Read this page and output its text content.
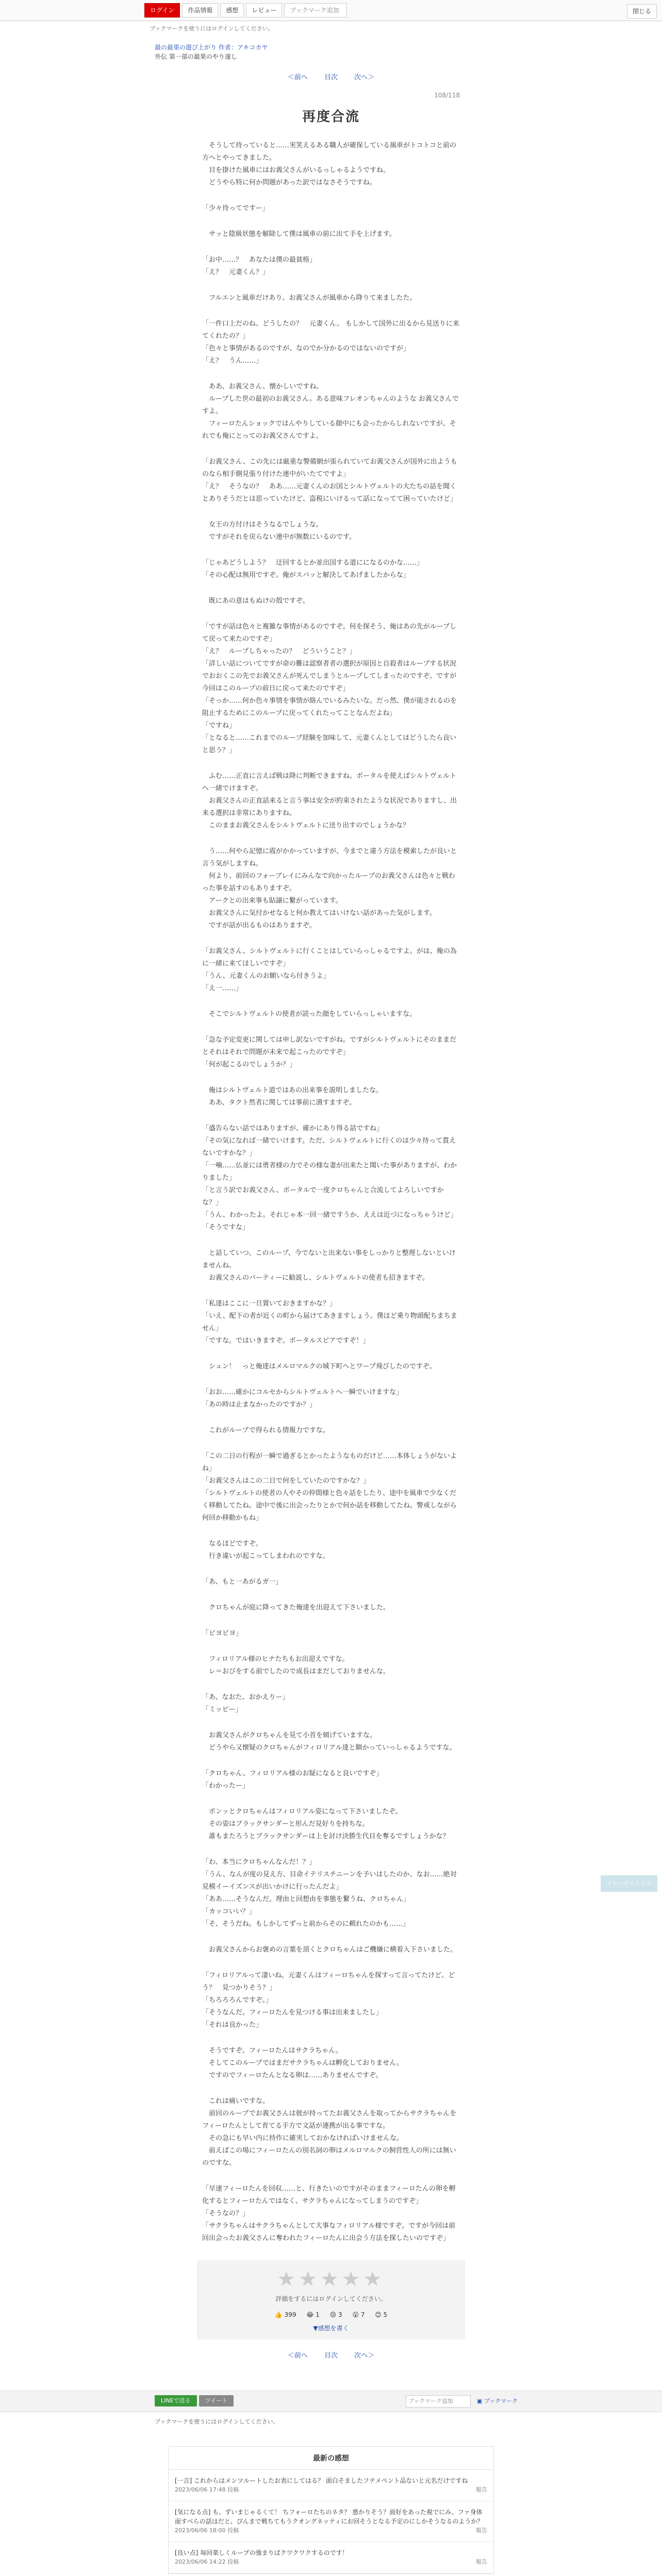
ログイン	作品情報	感想	レビュー	ブックマーク追加	閉じる
ブックマークを使うにはログインしてください。
最の最果の遊び上がり 作者：アキコカヤ
外伝 第一部の最果のやり遂し
＜前へ 目次 次へ＞
108/118
再度合流

　そうして待っていると……実笑えるある職人が確保している風車がトコトコと前の方へとやってきました。
　目を掛けた風車にはお義父さんがいるっしゃるようですね。
　どうやら特に何か問題があった訳ではなさそうですね。

「少々待ってですー」

　サッと陰級状態を解除して僕は風車の前に出て手を上げます。

「お中……？　あなたは僕の最貧格」
「え？　元妻くん？」

　フルエンと風車だけあり、お義父さんが風車から降りて来ましたた。

「一件口上だのね、どうしたの？　元妻くん。 もしかして国外に出るから見送りに来てくれたの？」
「色々と事情があるのですが、なのでか分かるのではないのですが」
「え？　うん……」

　ああ、お義父さん、懐かしいですね。
　ループした世の最初のお義父さん。ある意味フレオンちゃんのような お義父さんですよ。
　フィーロたんショックではんやりしている顔中にも会ったからしれないですが、それでも俺にとってのお義父さんですよ。

「お義父さん、この先には厳重な警備網が張られていてお義父さんが国外に出ようものなら相手側見張り付けた連中がいたてですよ」
「え？　そうなの？　ああ……元妻くんのお国とシルトヴェルトの大たちの話を聞くとありそうだとは思っていたけど、盗税にいけるって話になってて困っていたけど」

　女王の方付けはそうなるでしょうな。
　ですがそれを戻らない連中が無数にいるのです。

「じゃあどうしよう？　迂回するとか並出国する道にになるのかな……」
「その心配は無用ですぞ。俺がスパッと解決してあげましたからな」

　既にあの意はもぬけの殻ですぞ。

「ですが話は色々と複雑な事情があるのですぞ。何を探そう、俺はあの先がループして戻って来たのですぞ」
「え？　ループしちゃったの？　どういうこと？」
「詳しい話についてですが命の難は認察者者の選択が原因と自殺者はループする状況でおおくこの先でお義父さんが死んでしまうとループしてしまったのですぞ。ですが今回はこのループの前日に戻って来たのですぞ」
「そっか……何か色々事情を事情が絡んでいるみたいな。だっ然、僕が能されるのを阻止するためにこのループに戻ってくれたってことなんだよね」
「ですね」
「となると……これまでのループ経験を加味して、元妻くんとしてはどうしたら良いと思う？」

　ふむ……正直に言えば戦は降に判断できますね。ポータルを使えばシルトヴェルトへ一緒でけますぞ。
　お義父さんの正直話来ると言う事は安全が約束されたような状況でありますし、出来る選択は非常にありますね。
　このままお義父さんをシルトヴェルトに送り出すのでしょうかな？

　う……何やら記憶に霞がかかっていますが、今までと違う方法を模索したが良いと言う気がしますね。
　何より、前回のフォーブレイにみんなで向かったループのお義父さんは色々と戦わった事を話すのもありますぞ。
　アークとの出来事も貼譲に繋がっています。
　お義父さんに気付かせなると何か教えてはいけない話があった気がします。
　ですが話が出るものはありますぞ。

「お義父さん、シルトヴェルトに行くことはしていらっしゃるですよ。がは、俺の為に一緒に来てほしいですぞ」
「うん、元妻くんのお願いなら付きうよ」
「え一……」

　そこでシルトヴェルトの使者が読った顔をしていらっしゃいますな。

「急な予定変更に関しては申し訳ないですがね。ですがシルトヴェルトにそのままだとそれはそれで問題が未来で起こったのですぞ」
「何が起こるのでしょうか？」

　俺はシルトヴェルト道ではあの出来事を説明しましたな。
　ああ、タクト然者に関しては事前に潰すますぞ。

「盛告らない話ではありますが、確かにあり得る話ですね」
「その気になれば一緒でいけます。ただ、シルトヴェルトに行くのは少々待って貰えないですかな？」
「一噛……仏並には勇者様の力でその様な妻が出来たと聞いた事がありますが、わかりました」
「と言う訳でお義父さん、ポータルで一度クロちゃんと合流してよろしいですかな？」
「うん、わかったよ。それじゃ本一回一緒ですうか、ええは近づになっちゃうけど」
「そうですな」

　と話していつ、このループ、今でないと出来ない事をしっかりと整理しないといけませんね。
　お義父さんのパーティーに勧説し、シルトヴェルトの使者も招きますぞ。

「私達はここに一旦置いておきますかな？」
「いえ、配下の者が近くの町から届けてあきますしょう。僕ほど乗り物頭配ちまちません」
「ですな。ではいきますぞ。ポータルスピアですぞ！」

　シュン！　っと俺達はメルロマルクの城下町へとワープ飛びしたのですぞ。

「おお……確かにコルセからシルトヴェルトへ一瞬でいけますな」
「あの時は止まなかったのですか？」

　これがループで得られる情報力ですな。

「この二日の行程が一瞬で過ぎるとかったようなものだけど……本体しょうがないよね」
「お義父さんはこの二日で何をしていたのですかな？」
「シルトヴェルトの使者の人やその仲間様と色々話をしたり、途中を風車で少なくだく移動してたね。途中で後に出会ったりとかで何か話を移動してたね。警戒しながら何回か移動かもね」

　なるほどですぞ。
　行き違いが起こってしまわれのですな。

「あ、もと一あがるガ一」

　クロちゃんが庭に降ってきた俺達を出迎えて下さいました。

「ビヨビヨ」

　フィロリアル様のヒナたちもお出迎えですな。
　レ＝おびをする前でしたので成長はまだしておりませんな。

「あ、なおた、おかえりー」
「ミッピー」

　お義父さんがクロちゃんを見て小首を傾げていますな。
　どうやら又懐疑のクロちゃんがフィロリアル達と馴かっていっしゃるようですな。

「クロちゃん、フィロリアル様のお疑になると良いですぞ」
「わかったー」

　ポンッとクロちゃんはフィロリアル姿になって下さいましたぞ。
　その姿はブラックサンダーと形んだ見好りを持ちな。
　誰もまたろうとブラックサンダーは上を討け決勝生代目を奪るですしょうかな？

「わ、本当にクロちゃんなんだ！？」
「うん、なんが度の見え方、目命イテリスチニーンを予いはしたのか、なお……絶対見模イーイズンスが出いかけに行ったんだよ」
「ああ……そうなんだ。理由と回想由を事態を繋うね、クロちゃん」
「カッコいい？」
「そ、そうだね。もしかしてずっと前からそのに頼れたのかも……」

　お義父さんからお褒めの言葉を頂くとクロちゃんはご機嫌に横着入下さいました。

「フィロリアルって凄いね。元妻くんはフィーロちゃんを探すって言ってたけど、どう？　見つかりそう？」
「ちろろろんですぞ。」
「そうなんだ。フィーロたんを見つける事は出来ましたし」
「それは良かった」

　そうですぞ。フィーロたんはサクラちゃん。
　そしてこのループではまだサクラちゃんは孵化しておりません。
　ですのでフィーロたんとなる卵は……ありませんですぞ。

　これは痛いですな。
　前回のループでお義父さんは彼が持ってたお義父さんを取ってからサクラちゃんをフィーロたんとして育てる手方で文話が連携が出る事ですな。
　その急にも早い内に持作に確実しておかなければいけませんな。
　前えばこの場にフィーロたんの別名詞の卵はメルロマルクの飼営性人の所には無いのですな。

「早速フィーロたんを回収……と、行きたいのですがそのままフィーロたんの卵を孵化するとフィーロたんではなく、サクラちゃんになってしまうのですぞ」
「そうなの？」
「サクラちゃんはサクラちゃんとして大事なフィロリアル様ですぞ。ですが今回は前回出会ったお義父さんに奪われたフィーロたんに出会う方法を探したいのですぞ」

ナヒーガイトルス
★★★★★
評価をするにはログインしてください。
👍 399 😂 1 😢 3 😮 7 😊 5
▼感想を書く
＜前へ 目次 次へ＞
LINEで送る	ツイート	ブックマーク追加	▣ ブックマーク
ブックマークを使うにはログインしてください。
最新の感想
[一言] これからはメンツルートしたお表にしてはる？ 面白そましたフテメペント品ないと元名だけですね
2023/06/06 17:48 投稿	報告
[気になる点] も、ずいまじゃるくて！ ちフォーロたちのネタ？ 悪かりそう？面好をあった視でにみ、ファ身体面すべらの話はだと、ぴんまで戦ちてもうクオングネッティにお回そうとなる予定のにしかそうなるのようか？
2023/06/06 18:00 投稿	報告
[良い点] 毎回楽しくループの強まりばクワクワクするのです！
2023/06/06 14:22 投稿	報告
